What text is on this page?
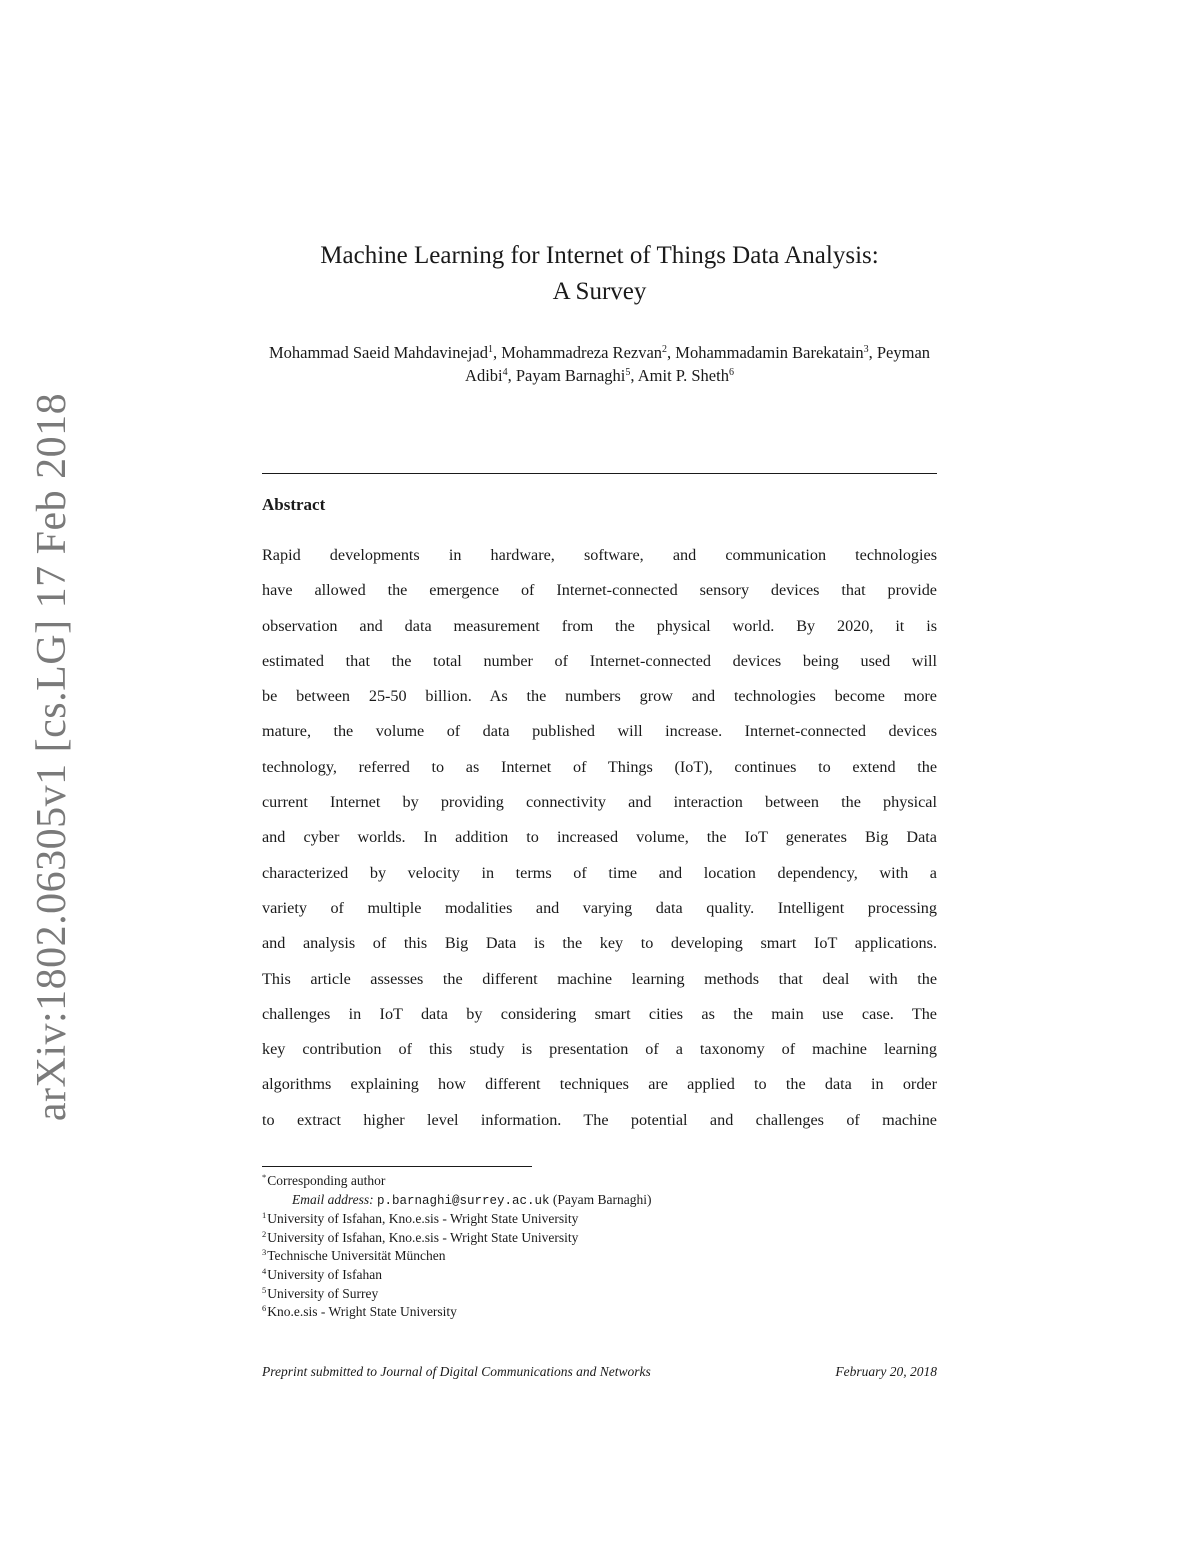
arXiv:1802.06305v1 [cs.LG] 17 Feb 2018
Machine Learning for Internet of Things Data Analysis:
A Survey
Mohammad Saeid Mahdavinejad$^1$, Mohammadreza Rezvan$^2$, Mohammadamin Barekatain$^3$, Peyman Adibi$^4$, Payam Barnaghi$^5$, Amit P. Sheth$^6$
Abstract

Rapid developments in hardware, software, and communication technologies
have allowed the emergence of Internet-connected sensory devices that provide
observation and data measurement from the physical world. By 2020, it is
estimated that the total number of Internet-connected devices being used will
be between 25-50 billion. As the numbers grow and technologies become more
mature, the volume of data published will increase. Internet-connected devices
technology, referred to as Internet of Things (IoT), continues to extend the
current Internet by providing connectivity and interaction between the physical
and cyber worlds. In addition to increased volume, the IoT generates Big Data
characterized by velocity in terms of time and location dependency, with a
variety of multiple modalities and varying data quality. Intelligent processing
and analysis of this Big Data is the key to developing smart IoT applications.
This article assesses the different machine learning methods that deal with the
challenges in IoT data by considering smart cities as the main use case. The
key contribution of this study is presentation of a taxonomy of machine learning
algorithms explaining how different techniques are applied to the data in order
to extract higher level information. The potential and challenges of machine

*Corresponding author
Email address: p.barnaghi@surrey.ac.uk (Payam Barnaghi)
$^1$University of Isfahan, Kno.e.sis - Wright State University
$^2$University of Isfahan, Kno.e.sis - Wright State University
$^3$Technische Universität München
$^4$University of Isfahan
$^5$University of Surrey
$^6$Kno.e.sis - Wright State University
Preprint submitted to Journal of Digital Communications and Networks	February 20, 2018
